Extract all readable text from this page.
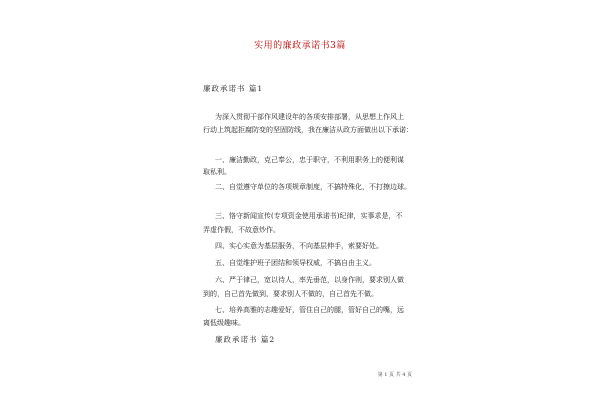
实用的廉政承诺书3篇
廉政承诺书 篇1
为深入贯彻干部作风建设年的各项安排部署，从思想上作风上
行动上筑起拒腐防变的坚固防线，我在廉洁从政方面做出以下承诺：
一、廉洁勤政，克己奉公，忠于职守，不利用职务上的便利谋
取私利。
二、自觉遵守单位的各项规章制度，不搞特殊化，不打擦边球。
三、恪守新闻宣传(专项资金使用承诺书)纪律，实事求是，不
弄虚作假，不故意炒作。
四、实心实意为基层服务，不向基层伸手，索要好处。
五、自觉维护班子团结和领导权威，不搞自由主义。
六、严于律己，宽以待人，率先垂范，以身作则，要求别人做
到的，自己首先做到，要求别人不做的，自己首先不做。
七、培养高雅的志趣爱好，管住自己的腿，管好自己的嘴，远
离低级趣味。
廉政承诺书 篇2
第 1 页 共 4 页
